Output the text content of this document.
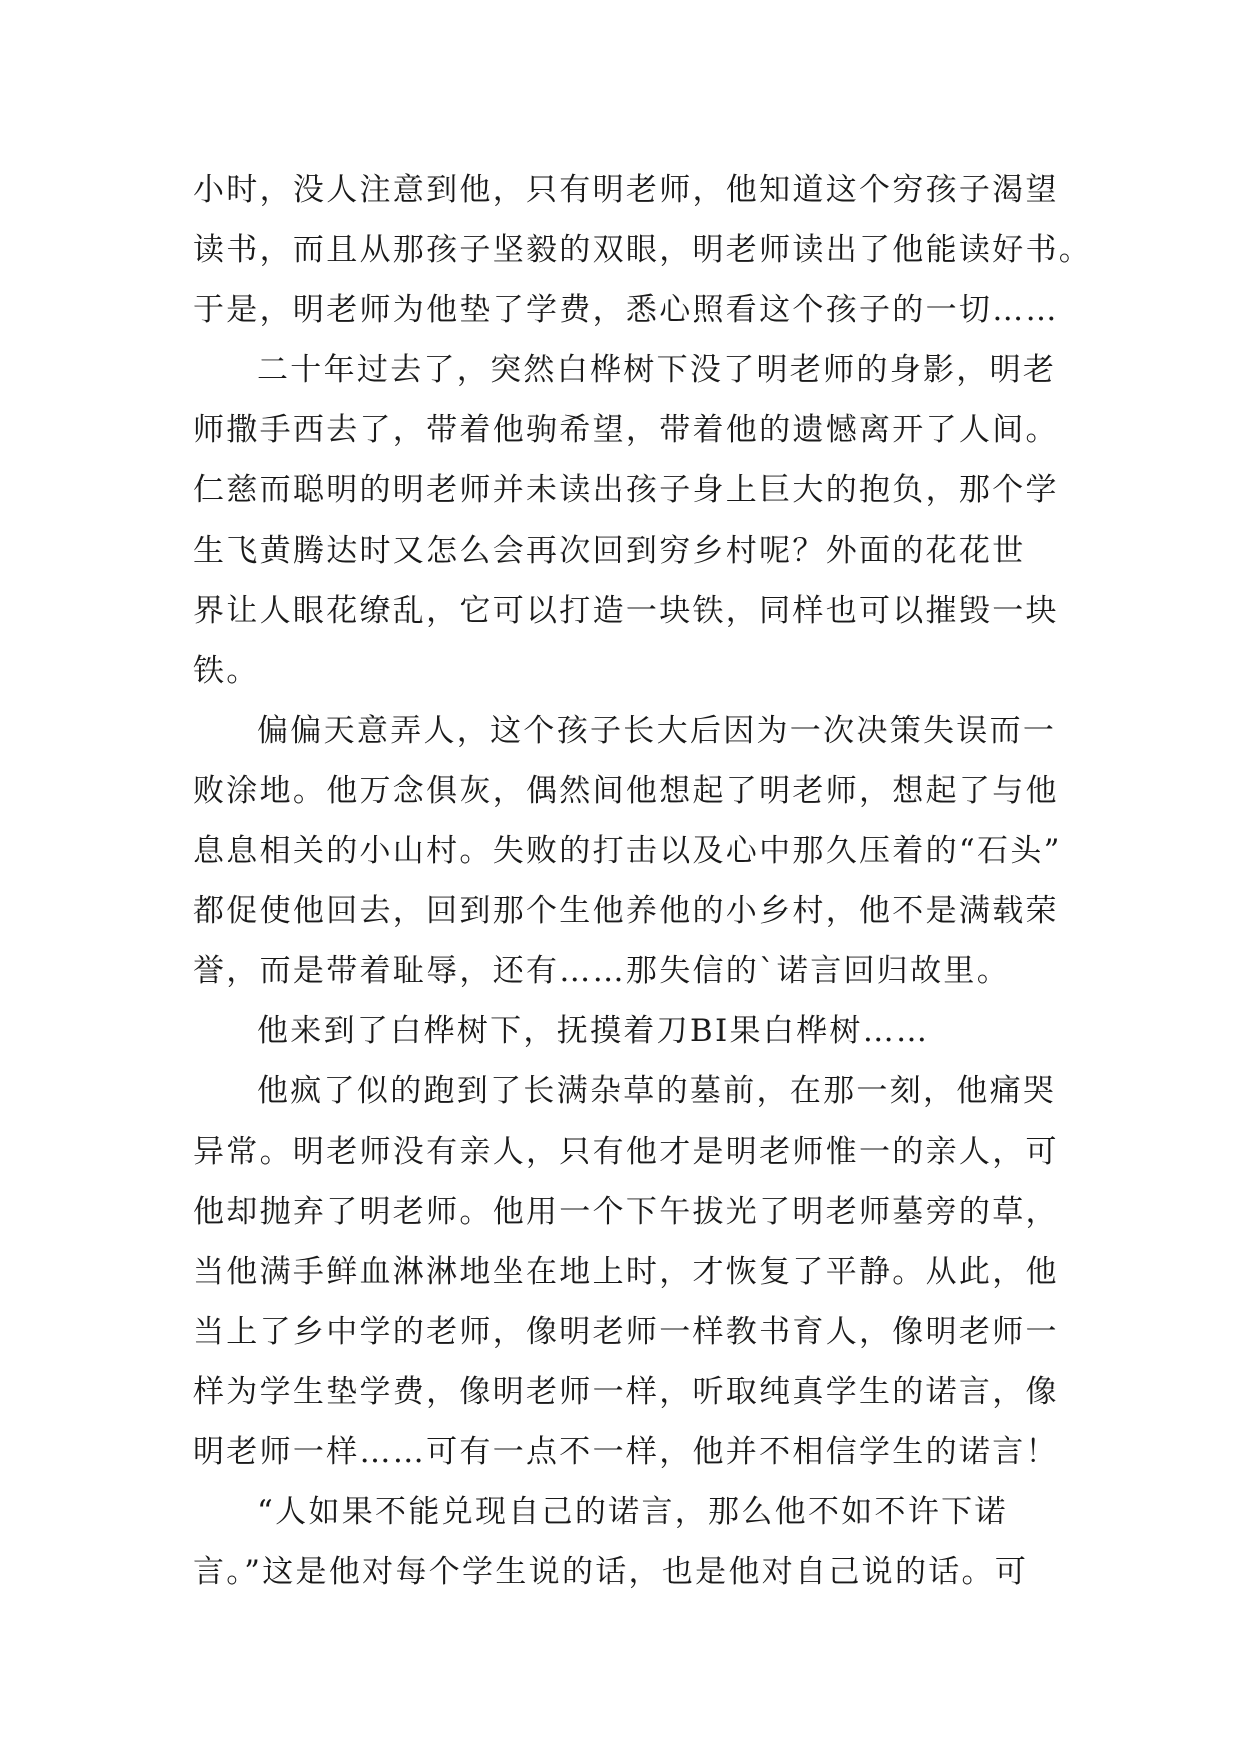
小时，没人注意到他，只有明老师，他知道这个穷孩子渴望
读书，而且从那孩子坚毅的双眼，明老师读出了他能读好书。
于是，明老师为他垫了学费，悉心照看这个孩子的一切……
二十年过去了，突然白桦树下没了明老师的身影，明老
师撒手西去了，带着他驹希望，带着他的遗憾离开了人间。
仁慈而聪明的明老师并未读出孩子身上巨大的抱负，那个学
生飞黄腾达时又怎么会再次回到穷乡村呢？外面的花花世
界让人眼花缭乱，它可以打造一块铁，同样也可以摧毁一块
铁。
偏偏天意弄人，这个孩子长大后因为一次决策失误而一
败涂地。他万念俱灰，偶然间他想起了明老师，想起了与他
息息相关的小山村。失败的打击以及心中那久压着的“石头”
都促使他回去，回到那个生他养他的小乡村，他不是满载荣
誉，而是带着耻辱，还有……那失信的`诺言回归故里。
他来到了白桦树下，抚摸着刀BI果白桦树……
他疯了似的跑到了长满杂草的墓前，在那一刻，他痛哭
异常。明老师没有亲人，只有他才是明老师惟一的亲人，可
他却抛弃了明老师。他用一个下午拔光了明老师墓旁的草，
当他满手鲜血淋淋地坐在地上时，才恢复了平静。从此，他
当上了乡中学的老师，像明老师一样教书育人，像明老师一
样为学生垫学费，像明老师一样，听取纯真学生的诺言，像
明老师一样……可有一点不一样，他并不相信学生的诺言！
“人如果不能兑现自己的诺言，那么他不如不许下诺
言。”这是他对每个学生说的话，也是他对自己说的话。可
